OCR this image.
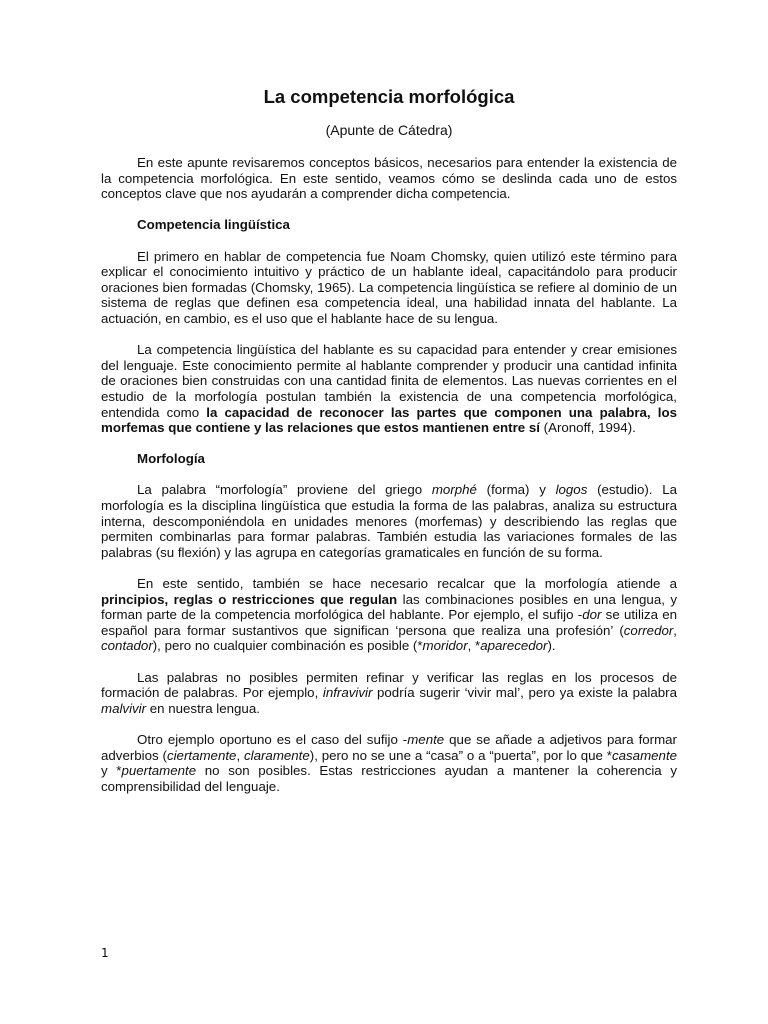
La competencia morfológica
(Apunte de Cátedra)

En este apunte revisaremos conceptos básicos, necesarios para entender la existencia de la competencia morfológica. En este sentido, veamos cómo se deslinda cada uno de estos conceptos clave que nos ayudarán a comprender dicha competencia.

Competencia lingüística

El primero en hablar de competencia fue Noam Chomsky, quien utilizó este término para explicar el conocimiento intuitivo y práctico de un hablante ideal, capacitándolo para producir oraciones bien formadas (Chomsky, 1965). La competencia lingüística se refiere al dominio de un sistema de reglas que definen esa competencia ideal, una habilidad innata del hablante. La actuación, en cambio, es el uso que el hablante hace de su lengua.

La competencia lingüística del hablante es su capacidad para entender y crear emisiones del lenguaje. Este conocimiento permite al hablante comprender y producir una cantidad infinita de oraciones bien construidas con una cantidad finita de elementos. Las nuevas corrientes en el estudio de la morfología postulan también la existencia de una competencia morfológica, entendida como la capacidad de reconocer las partes que componen una palabra, los morfemas que contiene y las relaciones que estos mantienen entre sí (Aronoff, 1994).

Morfología

La palabra “morfología” proviene del griego morphé (forma) y logos (estudio). La morfología es la disciplina lingüística que estudia la forma de las palabras, analiza su estructura interna, descomponiéndola en unidades menores (morfemas) y describiendo las reglas que permiten combinarlas para formar palabras. También estudia las variaciones formales de las palabras (su flexión) y las agrupa en categorías gramaticales en función de su forma.

En este sentido, también se hace necesario recalcar que la morfología atiende a principios, reglas o restricciones que regulan las combinaciones posibles en una lengua, y forman parte de la competencia morfológica del hablante. Por ejemplo, el sufijo -dor se utiliza en español para formar sustantivos que significan ‘persona que realiza una profesión’ (corredor, contador), pero no cualquier combinación es posible (*moridor, *aparecedor).

Las palabras no posibles permiten refinar y verificar las reglas en los procesos de formación de palabras. Por ejemplo, infravivir podría sugerir ‘vivir mal’, pero ya existe la palabra malvivir en nuestra lengua.

Otro ejemplo oportuno es el caso del sufijo -mente que se añade a adjetivos para formar adverbios (ciertamente, claramente), pero no se une a “casa” o a “puerta”, por lo que *casamente y *puertamente no son posibles. Estas restricciones ayudan a mantener la coherencia y comprensibilidad del lenguaje.

1
